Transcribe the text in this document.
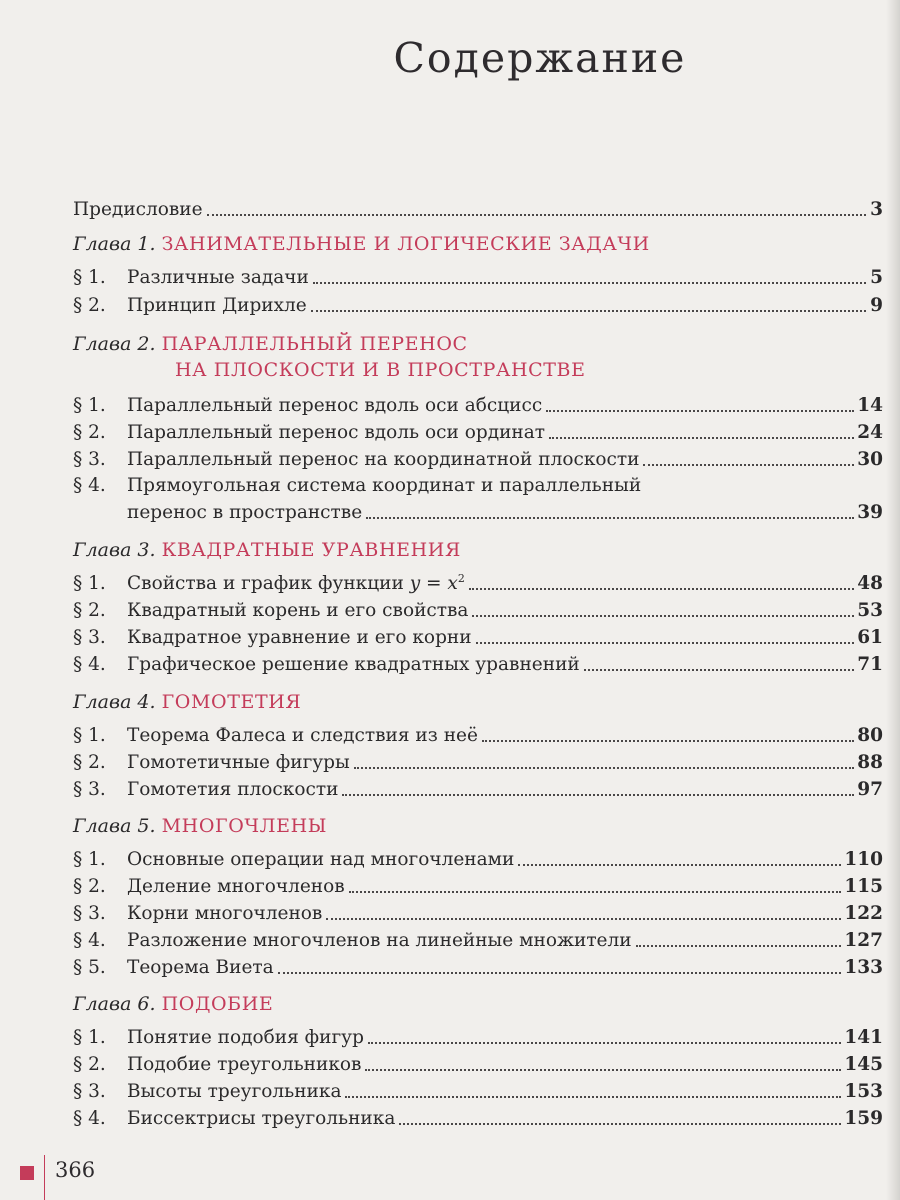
Содержание
Предисловие	3
Глава 1. ЗАНИМАТЕЛЬНЫЕ И ЛОГИЧЕСКИЕ ЗАДАЧИ
§ 1.	Различные задачи	5
§ 2.	Принцип Дирихле	9
Глава 2. ПАРАЛЛЕЛЬНЫЙ ПЕРЕНОС
НА ПЛОСКОСТИ И В ПРОСТРАНСТВЕ
§ 1.	Параллельный перенос вдоль оси абсцисс	14
§ 2.	Параллельный перенос вдоль оси ординат	24
§ 3.	Параллельный перенос на координатной плоскости	30
§ 4.	Прямоугольная система координат и параллельный
перенос в пространстве	39
Глава 3. КВАДРАТНЫЕ УРАВНЕНИЯ
§ 1.	Свойства и график функции $y = x^2$	48
§ 2.	Квадратный корень и его свойства	53
§ 3.	Квадратное уравнение и его корни	61
§ 4.	Графическое решение квадратных уравнений	71
Глава 4. ГОМОТЕТИЯ
§ 1.	Теорема Фалеса и следствия из неё	80
§ 2.	Гомотетичные фигуры	88
§ 3.	Гомотетия плоскости	97
Глава 5. МНОГОЧЛЕНЫ
§ 1.	Основные операции над многочленами	110
§ 2.	Деление многочленов	115
§ 3.	Корни многочленов	122
§ 4.	Разложение многочленов на линейные множители	127
§ 5.	Теорема Виета	133
Глава 6. ПОДОБИЕ
§ 1.	Понятие подобия фигур	141
§ 2.	Подобие треугольников	145
§ 3.	Высоты треугольника	153
§ 4.	Биссектрисы треугольника	159
366
